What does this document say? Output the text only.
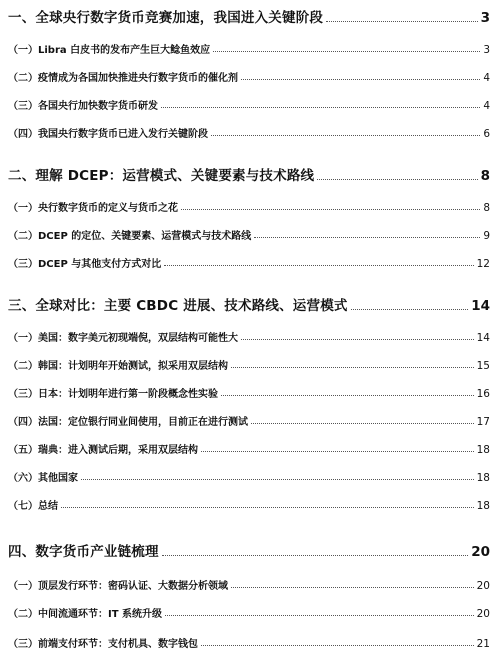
一、全球央行数字货币竞赛加速，我国进入关键阶段	3
（一）Libra 白皮书的发布产生巨大鲶鱼效应	3
（二）疫情成为各国加快推进央行数字货币的催化剂	4
（三）各国央行加快数字货币研发	4
（四）我国央行数字货币已进入发行关键阶段	6
二、理解 DCEP：运营模式、关键要素与技术路线	8
（一）央行数字货币的定义与货币之花	8
（二）DCEP 的定位、关键要素、运营模式与技术路线	9
（三）DCEP 与其他支付方式对比	12
三、全球对比：主要 CBDC 进展、技术路线、运营模式	14
（一）美国：数字美元初现端倪，双层结构可能性大	14
（二）韩国：计划明年开始测试，拟采用双层结构	15
（三）日本：计划明年进行第一阶段概念性实验	16
（四）法国：定位银行同业间使用，目前正在进行测试	17
（五）瑞典：进入测试后期，采用双层结构	18
（六）其他国家	18
（七）总结	18
四、数字货币产业链梳理	20
（一）顶层发行环节：密码认证、大数据分析领域	20
（二）中间流通环节：IT 系统升级	20
（三）前端支付环节：支付机具、数字钱包	21
